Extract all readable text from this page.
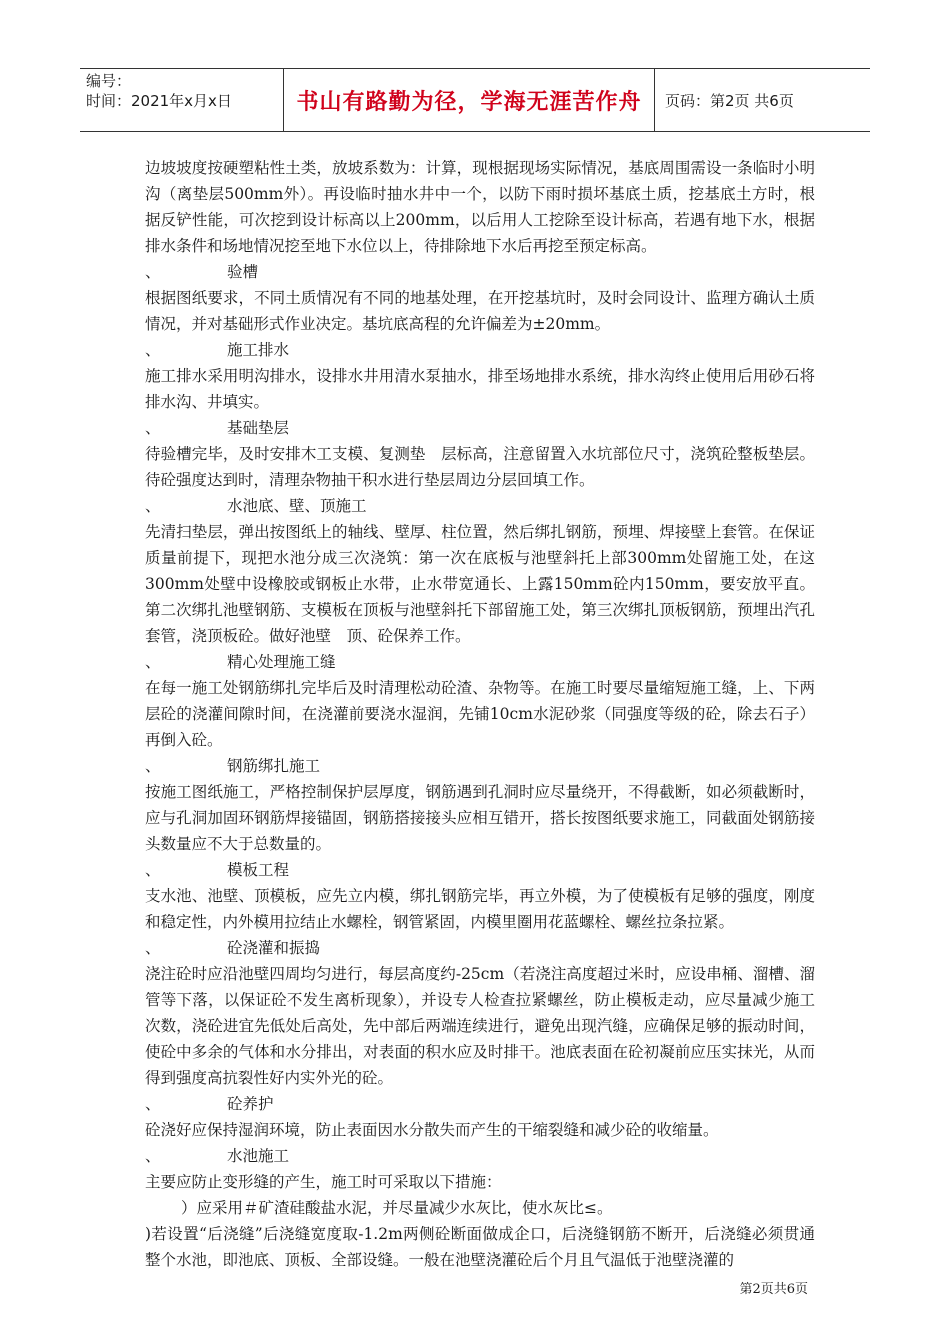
编号：
时间：2021年x月x日	书山有路勤为径，学海无涯苦作舟 页码：第2页 共6页

边坡坡度按硬塑粘性土类，放坡系数为：计算，现根据现场实际情况，基底周围需设一条临时小明沟（离垫层500mm外）。再设临时抽水井中一个，以防下雨时损坏基底土质，挖基底土方时，根据反铲性能，可次挖到设计标高以上200mm，以后用人工挖除至设计标高，若遇有地下水，根据排水条件和场地情况挖至地下水位以上，待排除地下水后再挖至预定标高。

、	验槽

根据图纸要求，不同土质情况有不同的地基处理，在开挖基坑时，及时会同设计、监理方确认土质情况，并对基础形式作业决定。基坑底高程的允许偏差为±20mm。

、	施工排水

施工排水采用明沟排水，设排水井用清水泵抽水，排至场地排水系统，排水沟终止使用后用砂石将排水沟、井填实。

、	基础垫层

待验槽完毕，及时安排木工支模、复测垫　层标高，注意留置入水坑部位尺寸，浇筑砼整板垫层。待砼强度达到时，清理杂物抽干积水进行垫层周边分层回填工作。

、	水池底、壁、顶施工

先清扫垫层，弹出按图纸上的轴线、壁厚、柱位置，然后绑扎钢筋，预埋、焊接壁上套管。在保证质量前提下，现把水池分成三次浇筑：第一次在底板与池壁斜托上部300mm处留施工处，在这300mm处壁中设橡胶或钢板止水带，止水带宽通长、上露150mm砼内150mm，要安放平直。第二次绑扎池壁钢筋、支模板在顶板与池壁斜托下部留施工处，第三次绑扎顶板钢筋，预埋出汽孔套管，浇顶板砼。做好池壁　顶、砼保养工作。

、	精心处理施工缝

在每一施工处钢筋绑扎完毕后及时清理松动砼渣、杂物等。在施工时要尽量缩短施工缝，上、下两层砼的浇灌间隙时间，在浇灌前要浇水湿润，先铺10cm水泥砂浆（同强度等级的砼，除去石子）再倒入砼。

、	钢筋绑扎施工

按施工图纸施工，严格控制保护层厚度，钢筋遇到孔洞时应尽量绕开，不得截断，如必须截断时，应与孔洞加固环钢筋焊接锚固，钢筋搭接接头应相互错开，搭长按图纸要求施工，同截面处钢筋接头数量应不大于总数量的。

、	模板工程

支水池、池壁、顶模板，应先立内模，绑扎钢筋完毕，再立外模，为了使模板有足够的强度，刚度和稳定性，内外模用拉结止水螺栓，钢管紧固，内模里圈用花蓝螺栓、螺丝拉条拉紧。

、	砼浇灌和振捣

浇注砼时应沿池壁四周均匀进行，每层高度约-25cm（若浇注高度超过米时，应设串桶、溜槽、溜管等下落，以保证砼不发生离析现象），并设专人检查拉紧螺丝，防止模板走动，应尽量减少施工次数，浇砼进宜先低处后高处，先中部后两端连续进行，避免出现汽缝，应确保足够的振动时间，使砼中多余的气体和水分排出，对表面的积水应及时排干。池底表面在砼初凝前应压实抹光，从而得到强度高抗裂性好内实外光的砼。

、	砼养护

砼浇好应保持湿润环境，防止表面因水分散失而产生的干缩裂缝和减少砼的收缩量。

、	水池施工

主要应防止变形缝的产生，施工时可采取以下措施：

）应采用＃矿渣硅酸盐水泥，并尽量减少水灰比，使水灰比≤。

)若设置“后浇缝”后浇缝宽度取-1.2m两侧砼断面做成企口，后浇缝钢筋不断开，后浇缝必须贯通整个水池，即池底、顶板、全部设缝。一般在池壁浇灌砼后个月且气温低于池壁浇灌的

第2页共6页
